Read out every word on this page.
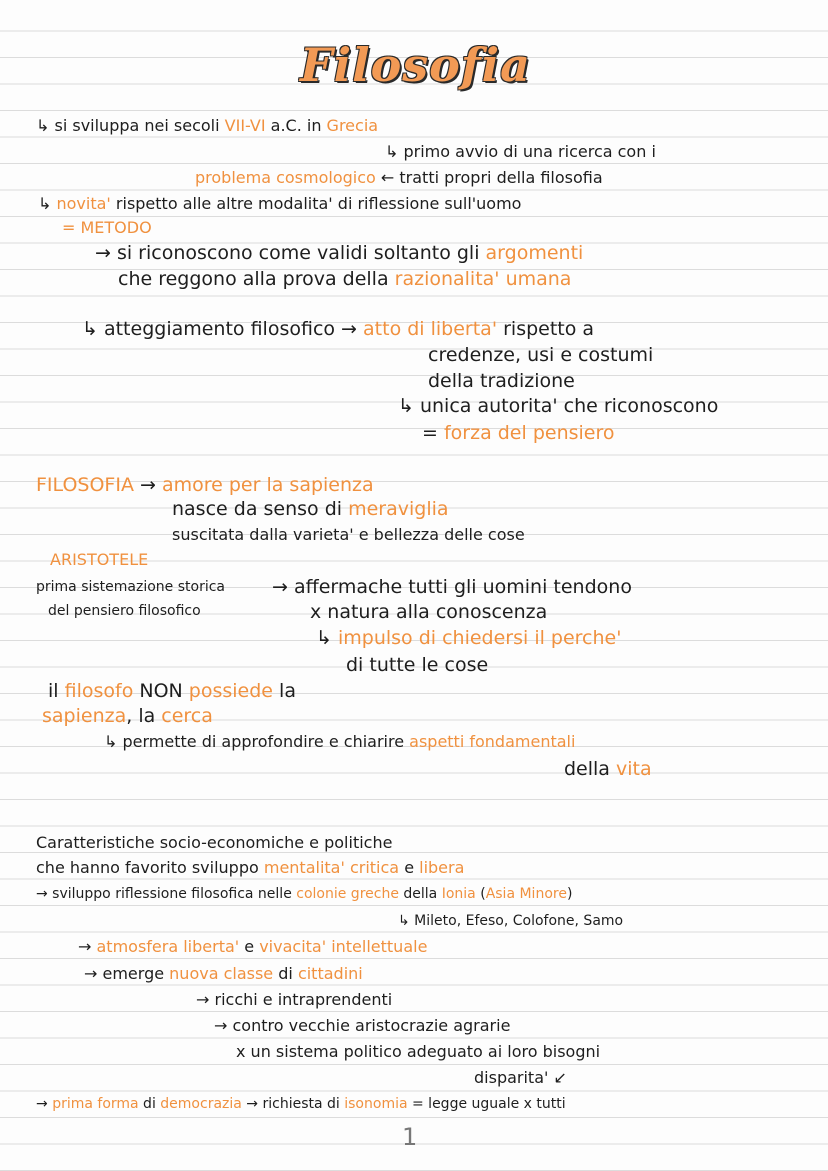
Filosofia
↳ si sviluppa nei secoli VII-VI a.C. in Grecia
↳ primo avvio di una ricerca con i
problema cosmologico ← tratti propri della filosofia
↳ novita' rispetto alle altre modalita' di riflessione sull'uomo
= METODO
→ si riconoscono come validi soltanto gli argomenti
che reggono alla prova della razionalita' umana
↳ atteggiamento filosofico → atto di liberta' rispetto a
credenze, usi e costumi
della tradizione
↳ unica autorita' che riconoscono
= forza del pensiero
FILOSOFIA → amore per la sapienza
nasce da senso di meraviglia
suscitata dalla varieta' e bellezza delle cose
ARISTOTELE
prima sistemazione storica → affermache tutti gli uomini tendono
del pensiero filosofico	x natura alla conoscenza
↳ impulso di chiedersi il perche'
di tutte le cose
il filosofo NON possiede la
sapienza, la cerca
↳ permette di approfondire e chiarire aspetti fondamentali
della vita
Caratteristiche socio-economiche e politiche
che hanno favorito sviluppo mentalita' critica e libera
→ sviluppo riflessione filosofica nelle colonie greche della Ionia (Asia Minore)
↳ Mileto, Efeso, Colofone, Samo
→ atmosfera liberta' e vivacita' intellettuale
→ emerge nuova classe di cittadini
→ ricchi e intraprendenti
→ contro vecchie aristocrazie agrarie
x un sistema politico adeguato ai loro bisogni
disparita' ↙
→ prima forma di democrazia → richiesta di isonomia = legge uguale x tutti
1
